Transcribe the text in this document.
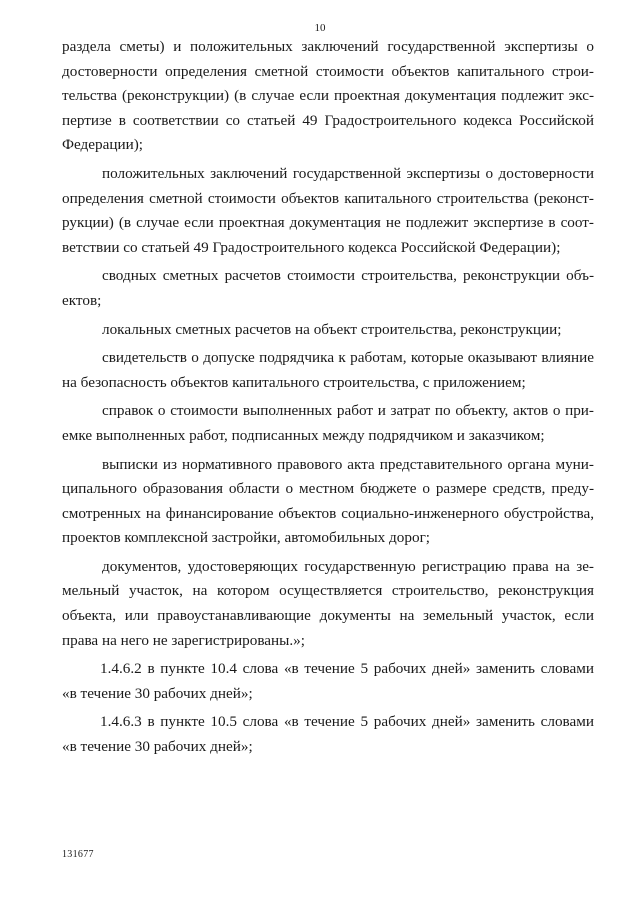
10
раздела сметы) и положительных заключений государственной экспертизы о
достоверности определения сметной стоимости объектов капитального строи-
тельства (реконструкции) (в случае если проектная документация подлежит экс-
пертизе в соответствии со статьей 49 Градостроительного кодекса Российской
Федерации);
положительных заключений государственной экспертизы о достоверности
определения сметной стоимости объектов капитального строительства (реконст-
рукции) (в случае если проектная документация не подлежит экспертизе в соот-
ветствии со статьей 49 Градостроительного кодекса Российской Федерации);
сводных сметных расчетов стоимости строительства, реконструкции объ-
ектов;
локальных сметных расчетов на объект строительства, реконструкции;
свидетельств о допуске подрядчика к работам, которые оказывают влияние
на безопасность объектов капитального строительства, с приложением;
справок о стоимости выполненных работ и затрат по объекту, актов о при-
емке выполненных работ, подписанных между подрядчиком и заказчиком;
выписки из нормативного правового акта представительного органа муни-
ципального образования области о местном бюджете о размере средств, преду-
смотренных на финансирование объектов социально-инженерного обустройства,
проектов комплексной застройки, автомобильных дорог;
документов, удостоверяющих государственную регистрацию права на зе-
мельный участок, на котором осуществляется строительство, реконструкция
объекта, или правоустанавливающие документы на земельный участок, если
права на него не зарегистрированы.»;
1.4.6.2 в пункте 10.4 слова «в течение 5 рабочих дней» заменить словами
«в течение 30 рабочих дней»;
1.4.6.3 в пункте 10.5 слова «в течение 5 рабочих дней» заменить словами
«в течение 30 рабочих дней»;
131677
